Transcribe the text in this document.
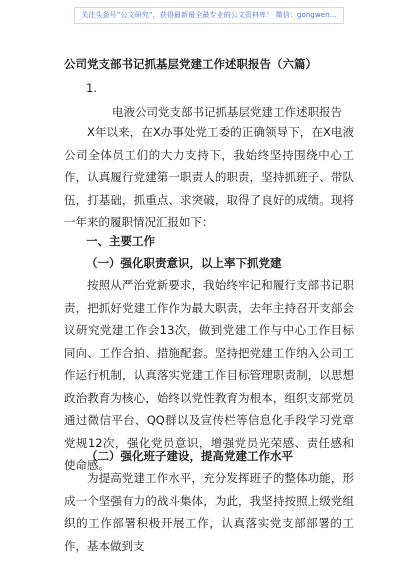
关注头条号“公文研究”，获得最新最全最专业的公文资料库！ 微信：gongwen...
公司党支部书记抓基层党建工作述职报告（六篇）
1.
电液公司党支部书记抓基层党建工作述职报告

X年以来，在X办事处党工委的正确领导下，在X电液公司全体员工们的大力支持下，我始终坚持围绕中心工作，认真履行党建第一职责人的职责，坚持抓班子、带队伍，打基础，抓重点、求突破，取得了良好的成绩。现将一年来的履职情况汇报如下：

一、主要工作
（一）强化职责意识，以上率下抓党建

按照从严治党新要求，我始终牢记和履行支部书记职责，把抓好党建工作作为最大职责，去年主持召开支部会议研究党建工作会13次，做到党建工作与中心工作目标同向、工作合拍、措施配套。坚持把党建工作纳入公司工作运行机制，认真落实党建工作目标管理职责制，以思想政治教育为核心，始终以党性教育为根本，组织支部党员通过微信平台、QQ群以及宣传栏等信息化手段学习党章党规12次，强化党员意识，增强党员光荣感、责任感和使命感。

（二）强化班子建设，提高党建工作水平

为提高党建工作水平，充分发挥班子的整体功能，形成一个坚强有力的战斗集体，为此，我坚持按照上级党组织的工作部署积极开展工作，认真落实党支部部署的工作，基本做到支
